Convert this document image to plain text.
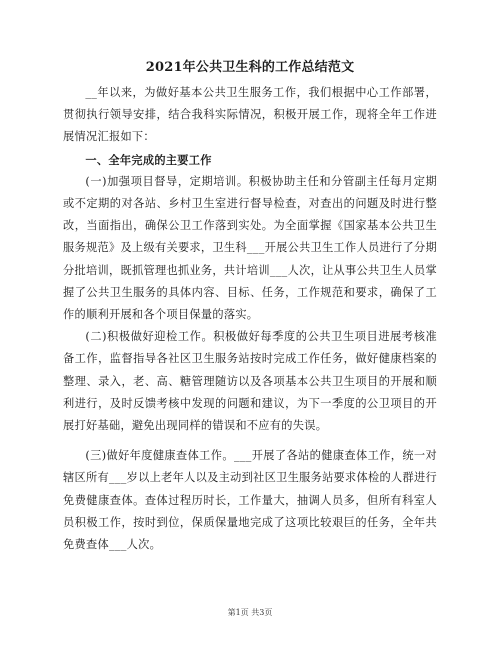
2021年公共卫生科的工作总结范文

__年以来，为做好基本公共卫生服务工作，我们根据中心工作部署，贯彻执行领导安排，结合我科实际情况，积极开展工作，现将全年工作进展情况汇报如下：

一、全年完成的主要工作

(一)加强项目督导，定期培训。积极协助主任和分管副主任每月定期或不定期的对各站、乡村卫生室进行督导检查，对查出的问题及时进行整改，当面指出，确保公卫工作落到实处。为全面掌握《国家基本公共卫生服务规范》及上级有关要求，卫生科___开展公共卫生工作人员进行了分期分批培训，既抓管理也抓业务，共计培训___人次，让从事公共卫生人员掌握了公共卫生服务的具体内容、目标、任务，工作规范和要求，确保了工作的顺利开展和各个项目保量的落实。

(二)积极做好迎检工作。积极做好每季度的公共卫生项目进展考核准备工作，监督指导各社区卫生服务站按时完成工作任务，做好健康档案的整理、录入，老、高、糖管理随访以及各项基本公共卫生项目的开展和顺利进行，及时反馈考核中发现的问题和建议，为下一季度的公卫项目的开展打好基础，避免出现同样的错误和不应有的失误。

(三)做好年度健康查体工作。___开展了各站的健康查体工作，统一对辖区所有___岁以上老年人以及主动到社区卫生服务站要求体检的人群进行免费健康查体。查体过程历时长，工作量大，抽调人员多，但所有科室人员积极工作，按时到位，保质保量地完成了这项比较艰巨的任务，全年共免费查体___人次。

第1页 共3页
